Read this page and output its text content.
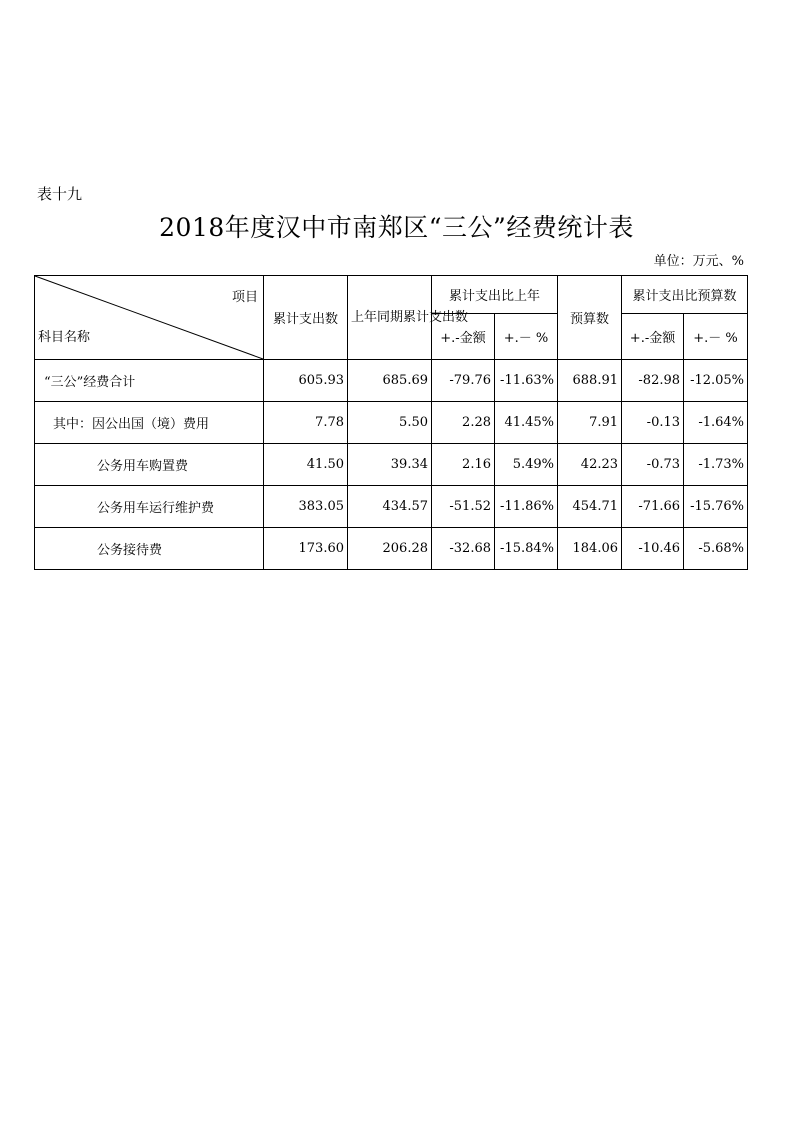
表十九
2018年度汉中市南郑区“三公”经费统计表
单位：万元、%
项目
科目名称	累计支出数	上年同期累计支出数	累计支出比上年		预算数	累计支出比预算数	
			+.-金额	+.－ %		+.-金额	+.－ %
“三公”经费合计	605.93	685.69	-79.76	-11.63%	688.91	-82.98	-12.05%
其中：因公出国（境）费用	7.78	5.50	2.28	41.45%	7.91	-0.13	-1.64%
公务用车购置费	41.50	39.34	2.16	5.49%	42.23	-0.73	-1.73%
公务用车运行维护费	383.05	434.57	-51.52	-11.86%	454.71	-71.66	-15.76%
公务接待费	173.60	206.28	-32.68	-15.84%	184.06	-10.46	-5.68%
